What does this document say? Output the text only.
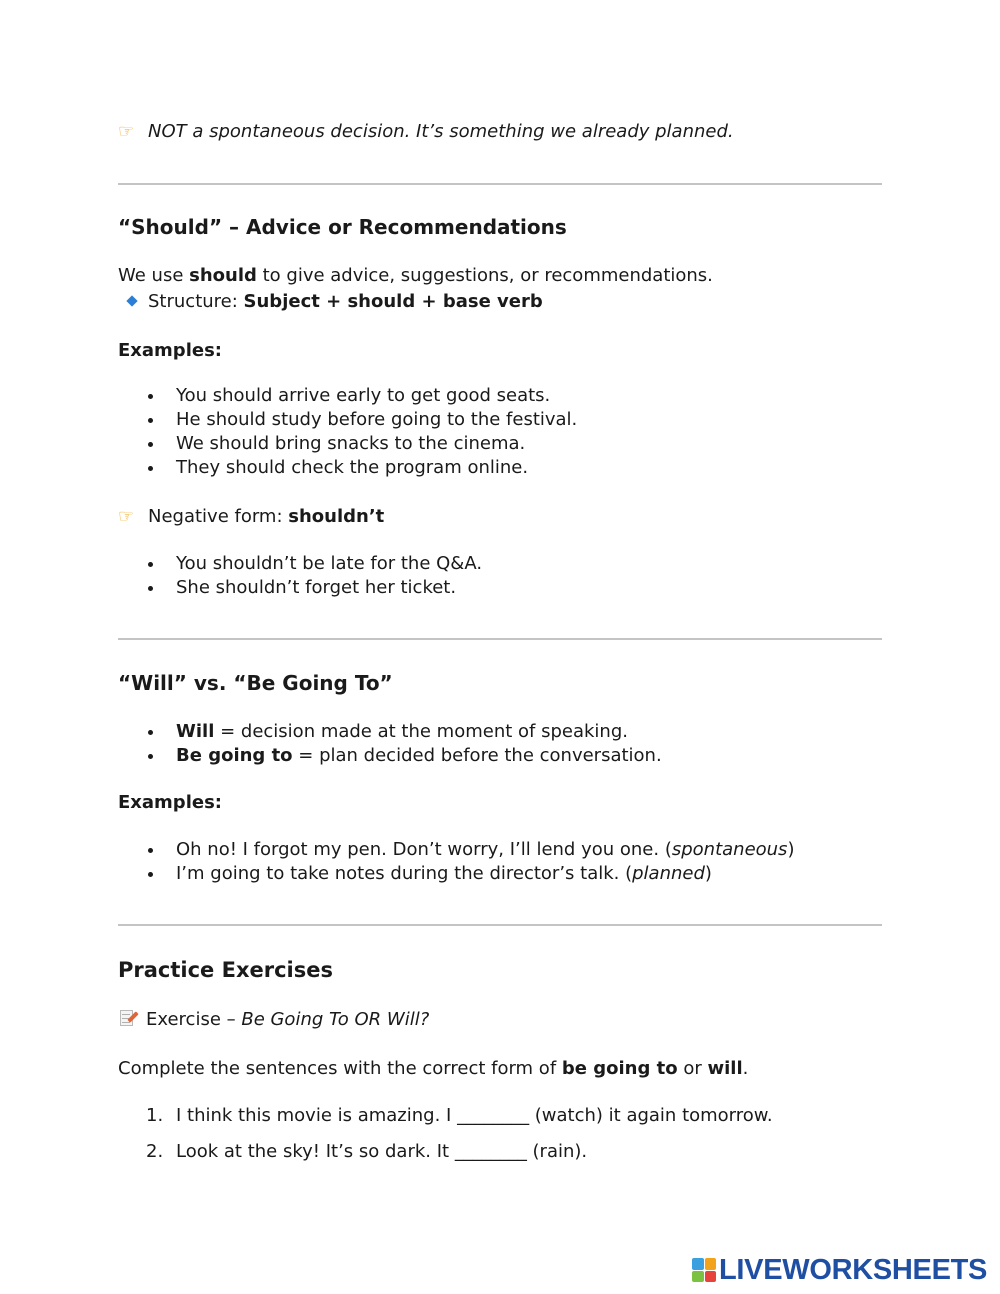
☞ NOT a spontaneous decision. It’s something we already planned.
“Should” – Advice or Recommendations
We use should to give advice, suggestions, or recommendations.
Structure: Subject + should + base verb
Examples:
You should arrive early to get good seats.
He should study before going to the festival.
We should bring snacks to the cinema.
They should check the program online.
☞ Negative form: shouldn’t
You shouldn’t be late for the Q&A.
She shouldn’t forget her ticket.
“Will” vs. “Be Going To”
Will = decision made at the moment of speaking.
Be going to = plan decided before the conversation.
Examples:
Oh no! I forgot my pen. Don’t worry, I’ll lend you one. (spontaneous)
I’m going to take notes during the director’s talk. (planned)
Practice Exercises
Exercise – Be Going To OR Will?
Complete the sentences with the correct form of be going to or will.
1. I think this movie is amazing. I ________ (watch) it again tomorrow.
2. Look at the sky! It’s so dark. It ________ (rain).
LIVEWORKSHEETS
